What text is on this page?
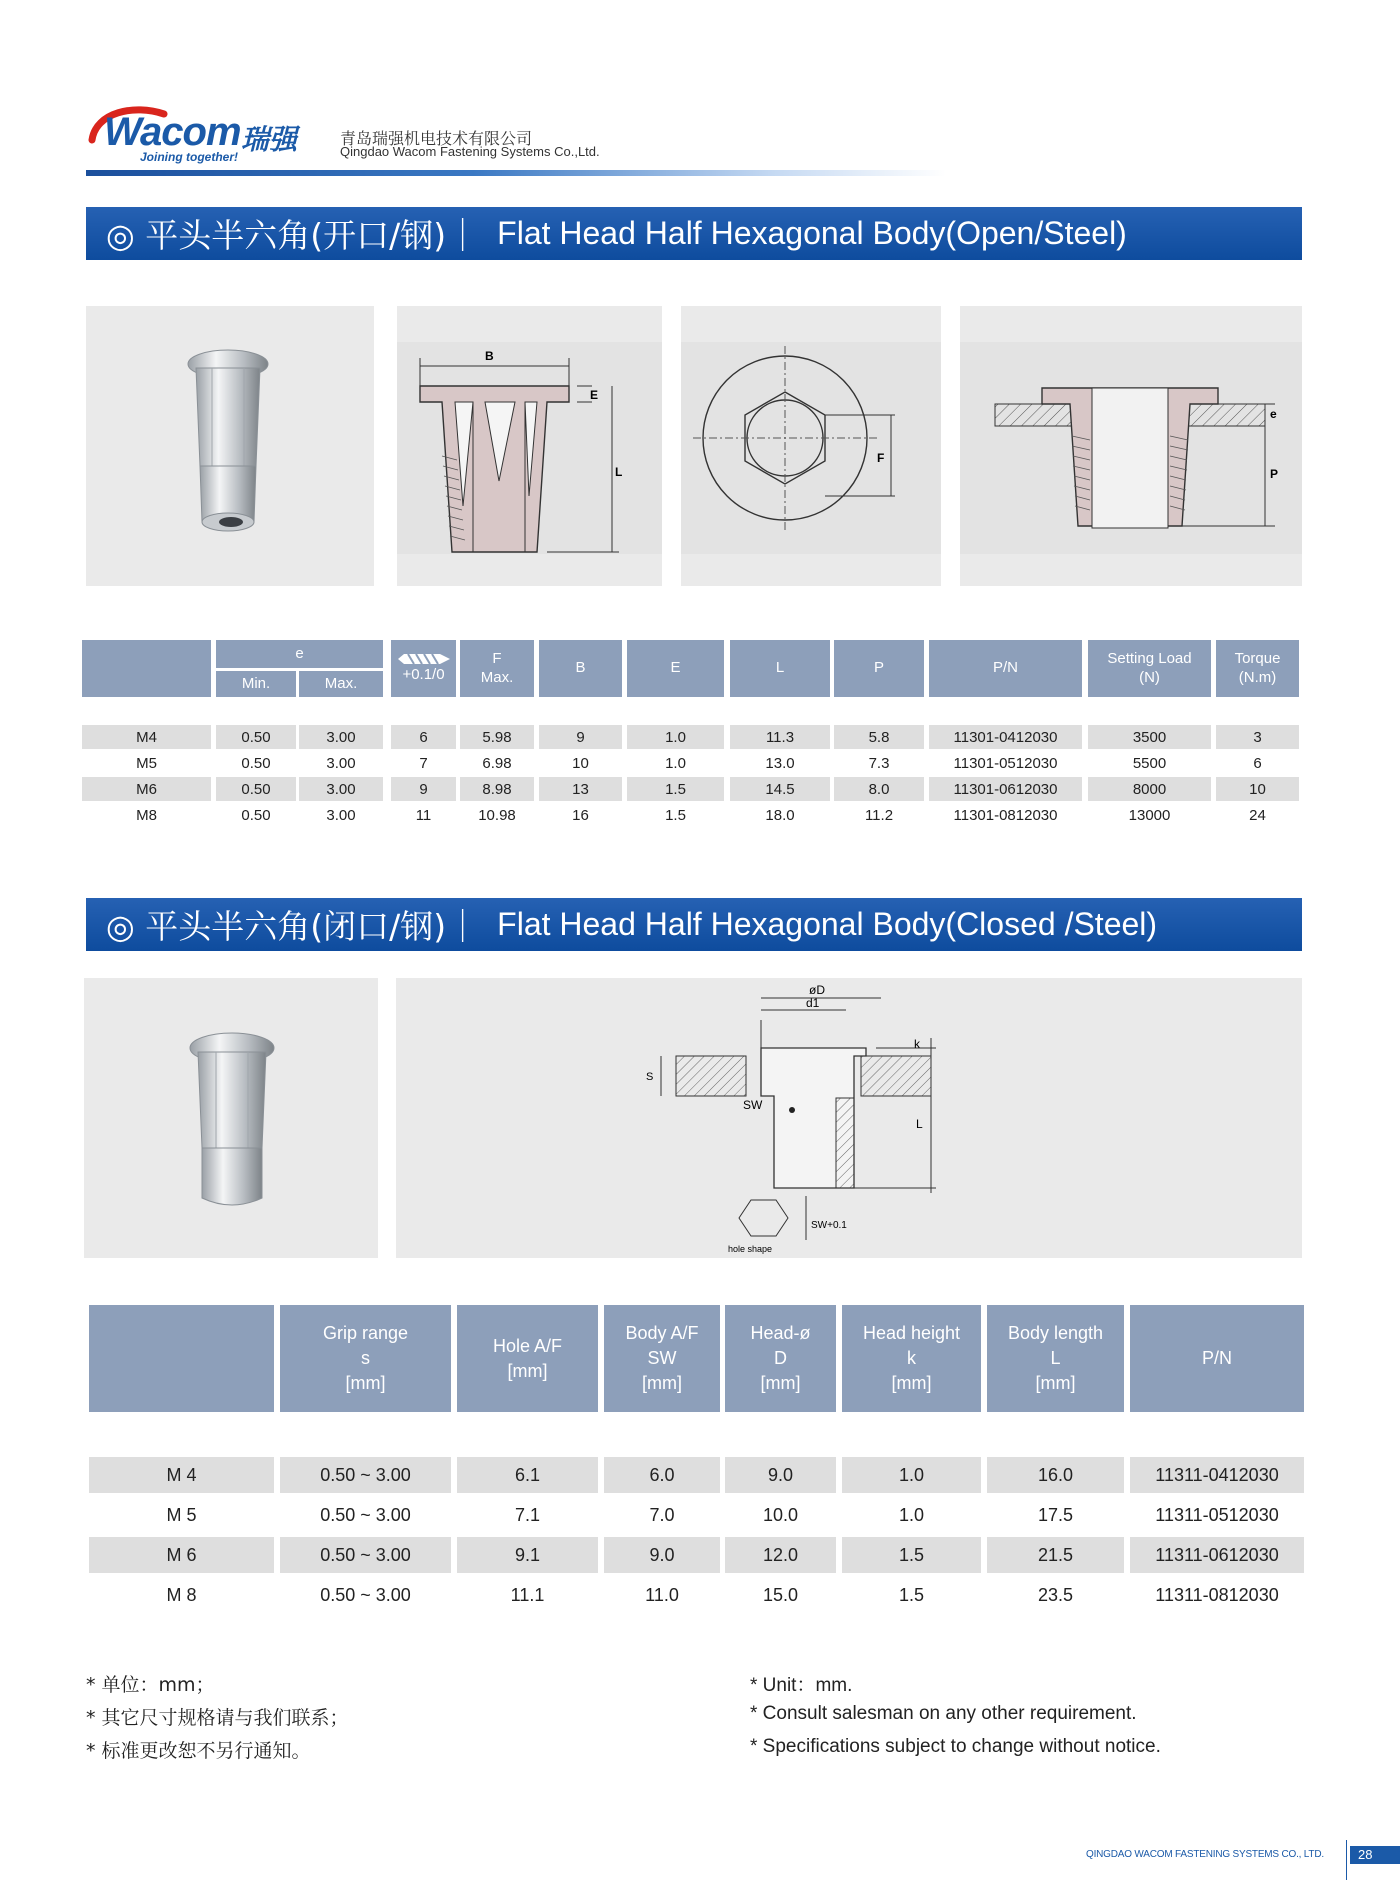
Wacom 瑞强
Joining together!
青岛瑞强机电技术有限公司
Qingdao Wacom Fastening Systems Co.,Ltd.
◎ 平头半六角(开口/钢)｜ Flat Head Half Hexagonal Body(Open/Steel)
B
E
L
F
e
P
e
Min.	Max.	+0.1/0
F
Max.
B	E	L	P	P/N
Setting Load
(N)
Torque
(N.m)
M4	0.50	3.00	6	5.98	9	1.0	11.3	5.8	11301-0412030	3500	3
M5	0.50	3.00	7	6.98	10	1.0	13.0	7.3	11301-0512030	5500	6
M6	0.50	3.00	9	8.98	13	1.5	14.5	8.0	11301-0612030	8000	10
M8	0.50	3.00	11	10.98	16	1.5	18.0	11.2	11301-0812030	13000	24
◎ 平头半六角(闭口/钢)｜ Flat Head Half Hexagonal Body(Closed /Steel)
øD
d1
k
L
S
SW
SW+0.1
hole shape
Grip range
s
[mm]
Hole A/F
[mm]
Body A/F
SW
[mm]
Head-ø
D
[mm]
Head height
k
[mm]
Body length
L
[mm]
P/N
M 4	0.50 ~ 3.00	6.1	6.0	9.0	1.0	16.0	11311-0412030
M 5	0.50 ~ 3.00	7.1	7.0	10.0	1.0	17.5	11311-0512030
M 6	0.50 ~ 3.00	9.1	9.0	12.0	1.5	21.5	11311-0612030
M 8	0.50 ~ 3.00	11.1	11.0	15.0	1.5	23.5	11311-0812030
* 单位：mm；
* 其它尺寸规格请与我们联系；
* 标准更改恕不另行通知。
* Unit：mm.
* Consult salesman on any other requirement.
* Specifications subject to change without notice.
QINGDAO WACOM FASTENING SYSTEMS CO., LTD.	28
